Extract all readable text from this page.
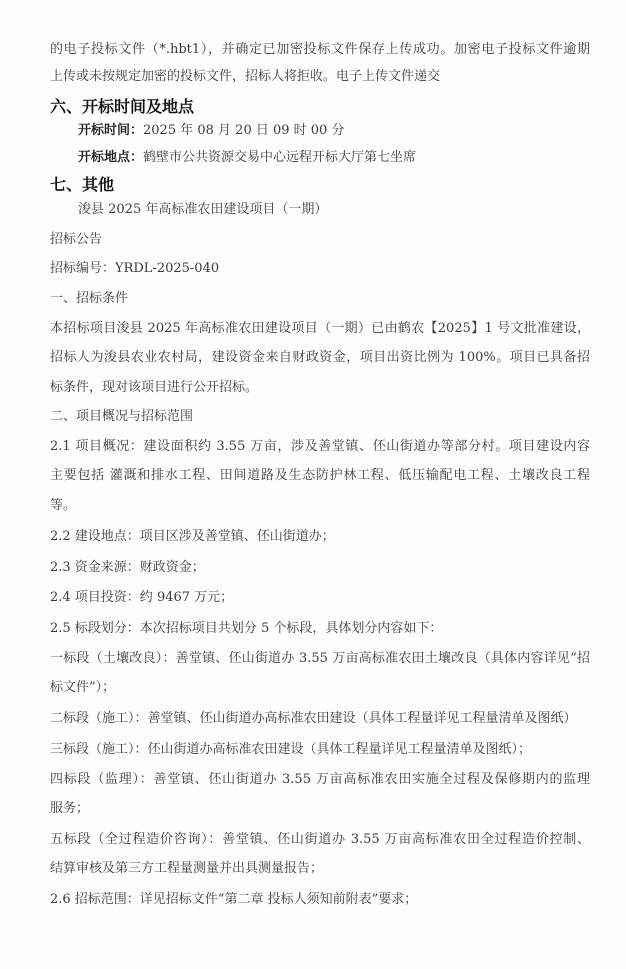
的电子投标文件（*.hbt1），并确定已加密投标文件保存上传成功。加密电子投标文件逾期
上传或未按规定加密的投标文件，招标人将拒收。电子上传文件递交
六、开标时间及地点
开标时间：2025 年 08 月 20 日 09 时 00 分
开标地点：鹤壁市公共资源交易中心远程开标大厅第七坐席
七、其他
浚县 2025 年高标准农田建设项目（一期）
招标公告
招标编号：YRDL-2025-040
一、招标条件
本招标项目浚县 2025 年高标准农田建设项目（一期）已由鹤农【2025】1 号文批准建设，
招标人为浚县农业农村局，建设资金来自财政资金，项目出资比例为 100%。项目已具备招
标条件，现对该项目进行公开招标。
二、项目概况与招标范围
2.1 项目概况：建设面积约 3.55 万亩，涉及善堂镇、伾山街道办等部分村。项目建设内容
主要包括 灌溉和排水工程、田间道路及生态防护林工程、低压输配电工程、土壤改良工程
等。
2.2 建设地点：项目区涉及善堂镇、伾山街道办；
2.3 资金来源：财政资金；
2.4 项目投资：约 9467 万元；
2.5 标段划分：本次招标项目共划分 5 个标段，具体划分内容如下：
一标段（土壤改良）：善堂镇、伾山街道办 3.55 万亩高标准农田土壤改良（具体内容详见“招
标文件”）；
二标段（施工）：善堂镇、伾山街道办高标准农田建设（具体工程量详见工程量清单及图纸）
三标段（施工）：伾山街道办高标准农田建设（具体工程量详见工程量清单及图纸）；
四标段（监理）：善堂镇、伾山街道办 3.55 万亩高标准农田实施全过程及保修期内的监理
服务；
五标段（全过程造价咨询）：善堂镇、伾山街道办 3.55 万亩高标准农田全过程造价控制、
结算审核及第三方工程量测量并出具测量报告；
2.6 招标范围：详见招标文件“第二章 投标人须知前附表”要求；
